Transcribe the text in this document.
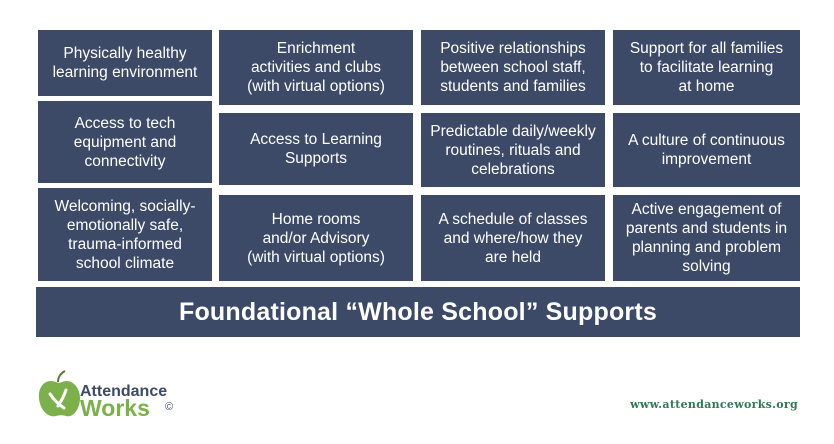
Physically healthy
learning environment
Access to tech
equipment and
connectivity
Welcoming, socially-
emotionally safe,
trauma-informed
school climate
Enrichment
activities and clubs
(with virtual options)
Access to Learning
Supports
Home rooms
and/or Advisory
(with virtual options)
Positive relationships
between school staff,
students and families
Predictable daily/weekly
routines, rituals and
celebrations
A schedule of classes
and where/how they
are held
Support for all families
to facilitate learning
at home
A culture of continuous
improvement
Active engagement of
parents and students in
planning and problem
solving
Foundational “Whole School” Supports
Attendance
Works ©	www.attendanceworks.org
